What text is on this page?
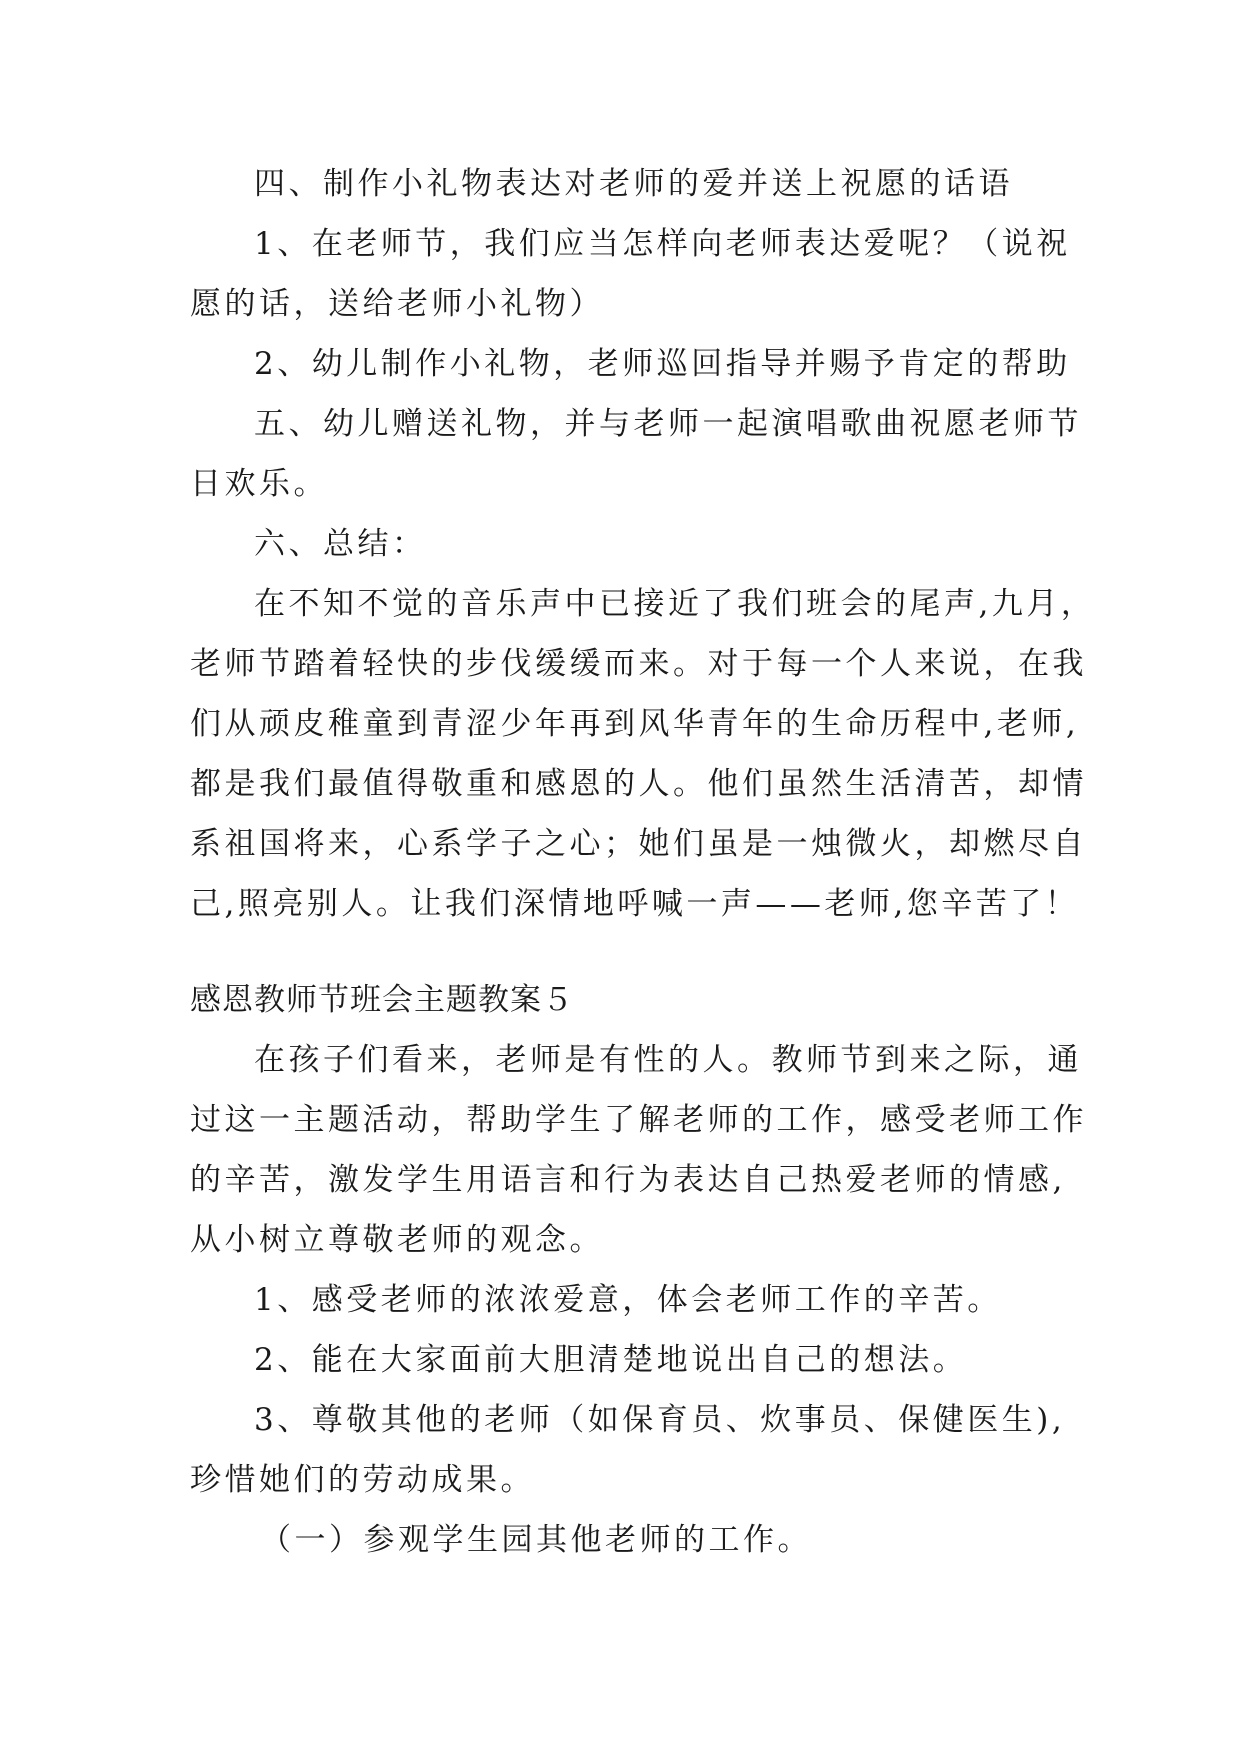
四、制作小礼物表达对老师的爱并送上祝愿的话语
1、在老师节，我们应当怎样向老师表达爱呢？（说祝
愿的话，送给老师小礼物）
2、幼儿制作小礼物，老师巡回指导并赐予肯定的帮助
五、幼儿赠送礼物，并与老师一起演唱歌曲祝愿老师节
日欢乐。
六、总结：
在不知不觉的音乐声中已接近了我们班会的尾声,九月，
老师节踏着轻快的步伐缓缓而来。对于每一个人来说，在我
们从顽皮稚童到青涩少年再到风华青年的生命历程中,老师,
都是我们最值得敬重和感恩的人。他们虽然生活清苦，却情
系祖国将来，心系学子之心；她们虽是一烛微火，却燃尽自
己,照亮别人。让我们深情地呼喊一声——老师,您辛苦了！
感恩教师节班会主题教案５
在孩子们看来，老师是有性的人。教师节到来之际，通
过这一主题活动，帮助学生了解老师的工作，感受老师工作
的辛苦，激发学生用语言和行为表达自己热爱老师的情感,
从小树立尊敬老师的观念。
1、感受老师的浓浓爱意，体会老师工作的辛苦。
2、能在大家面前大胆清楚地说出自己的想法。
3、尊敬其他的老师（如保育员、炊事员、保健医生),
珍惜她们的劳动成果。
（一）参观学生园其他老师的工作。
